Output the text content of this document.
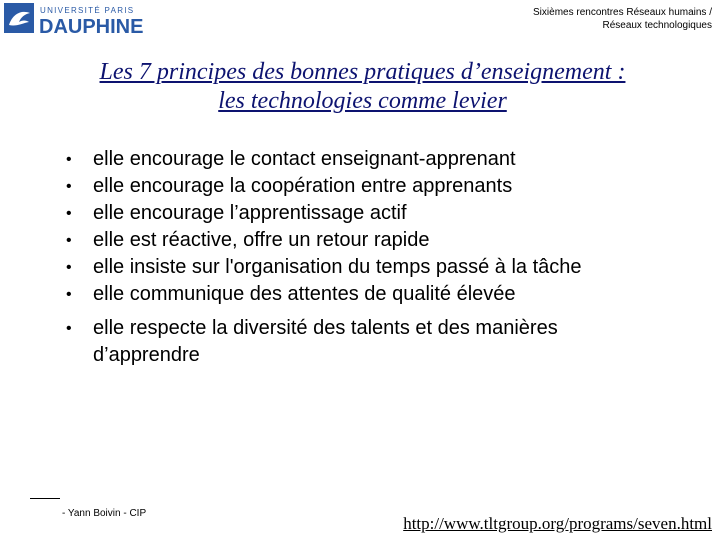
UNIVERSITÉ PARIS
DAUPHINE
Sixièmes rencontres Réseaux humains /
Réseaux technologiques
Les 7 principes des bonnes pratiques d’enseignement :
les technologies comme levier
• elle encourage le contact enseignant-apprenant
• elle encourage la coopération entre apprenants
• elle encourage l’apprentissage actif
• elle est réactive, offre un retour rapide
• elle insiste sur l'organisation du temps passé à la tâche
• elle communique des attentes de qualité élevée
• elle respecte la diversité des talents et des manières d’apprendre
- Yann Boivin - CIP
http://www.tltgroup.org/programs/seven.html
